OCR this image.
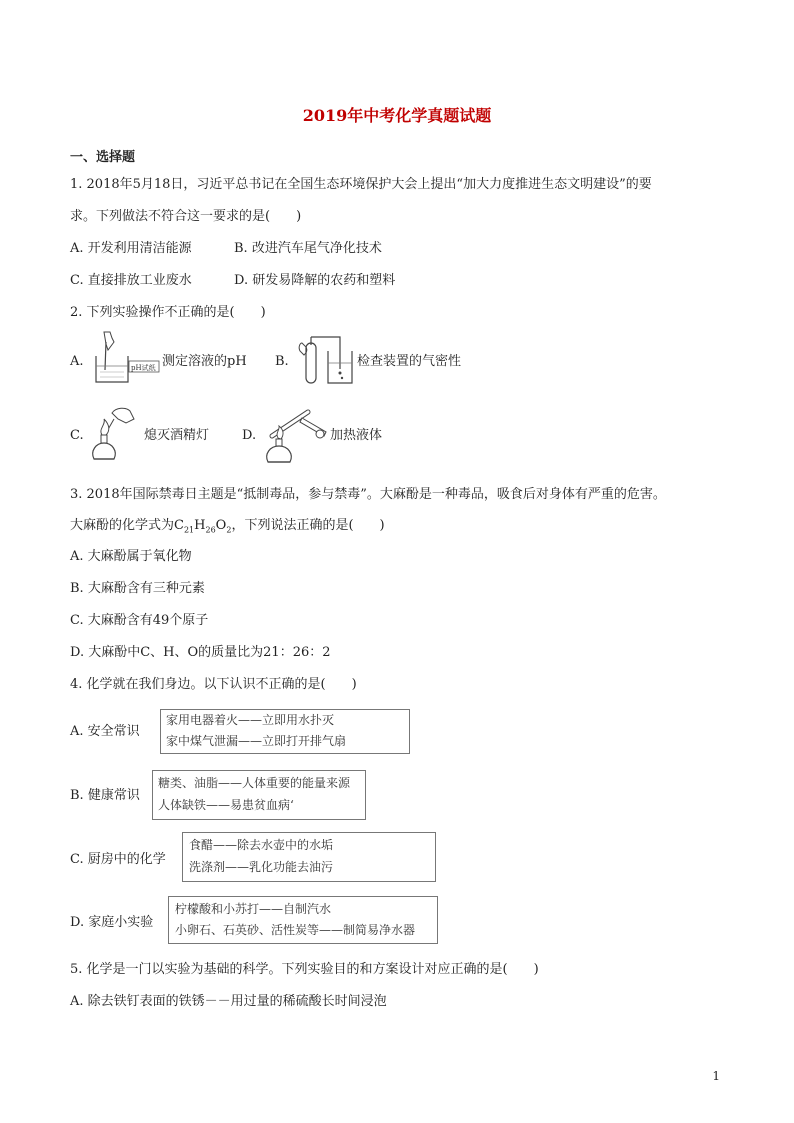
2019年中考化学真题试题
一、选择题
1. 2018年5月18日，习近平总书记在全国生态环境保护大会上提出“加大力度推进生态文明建设”的要
求。下列做法不符合这一要求的是(　　)
A. 开发利用清洁能源	B. 改进汽车尾气净化技术
C. 直接排放工业废水	D. 研发易降解的农药和塑料
2. 下列实验操作不正确的是(　　)
A.	pH试纸 测定溶液的pH B.	检查装置的气密性
C.	熄灭酒精灯	D.	加热液体
3. 2018年国际禁毒日主题是“抵制毒品，参与禁毒”。大麻酚是一种毒品，吸食后对身体有严重的危害。
大麻酚的化学式为$C_{21}H_{26}O_2$，下列说法正确的是(　　)
A. 大麻酚属于氧化物
B. 大麻酚含有三种元素
C. 大麻酚含有49个原子
D. 大麻酚中C、H、O的质量比为21：26：2
4. 化学就在我们身边。以下认识不正确的是(　　)
A. 安全常识
家用电器着火——立即用水扑灭
家中煤气泄漏——立即打开排气扇
B. 健康常识
糖类、油脂——人体重要的能量来源
人体缺铁——易患贫血病‘
C. 厨房中的化学
食醋——除去水壶中的水垢
洗涤剂——乳化功能去油污
D. 家庭小实验
柠檬酸和小苏打——自制汽水
小卵石、石英砂、活性炭等——制简易净水器
5. 化学是一门以实验为基础的科学。下列实验目的和方案设计对应正确的是(　　)
A. 除去铁钉表面的铁锈－－用过量的稀硫酸长时间浸泡
1
